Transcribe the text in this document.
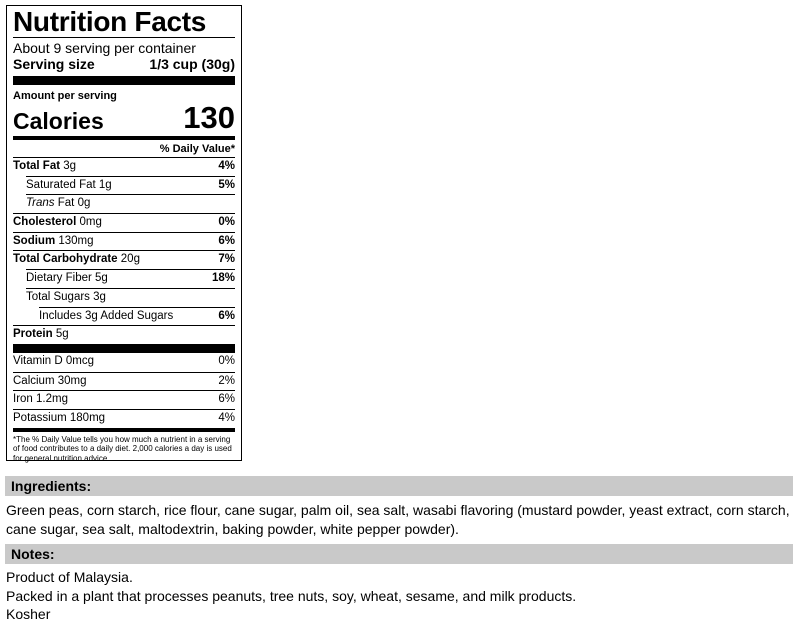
Nutrition Facts
About 9 serving per container
Serving size	1/3 cup (30g)
Amount per serving
Calories	130
% Daily Value*
Total Fat 3g	4%
Saturated Fat 1g	5%
Trans Fat 0g
Cholesterol 0mg	0%
Sodium 130mg	6%
Total Carbohydrate 20g	7%
Dietary Fiber 5g	18%
Total Sugars 3g
Includes 3g Added Sugars	6%
Protein 5g
Vitamin D 0mcg	0%
Calcium 30mg	2%
Iron 1.2mg	6%
Potassium 180mg	4%
*The % Daily Value tells you how much a nutrient in a serving of food contributes to a daily diet. 2,000 calories a day is used for general nutrition advice.
Ingredients:
Green peas, corn starch, rice flour, cane sugar, palm oil, sea salt, wasabi flavoring (mustard powder, yeast extract, corn starch,
cane sugar, sea salt, maltodextrin, baking powder, white pepper powder).
Notes:
Product of Malaysia.
Packed in a plant that processes peanuts, tree nuts, soy, wheat, sesame, and milk products.
Kosher
